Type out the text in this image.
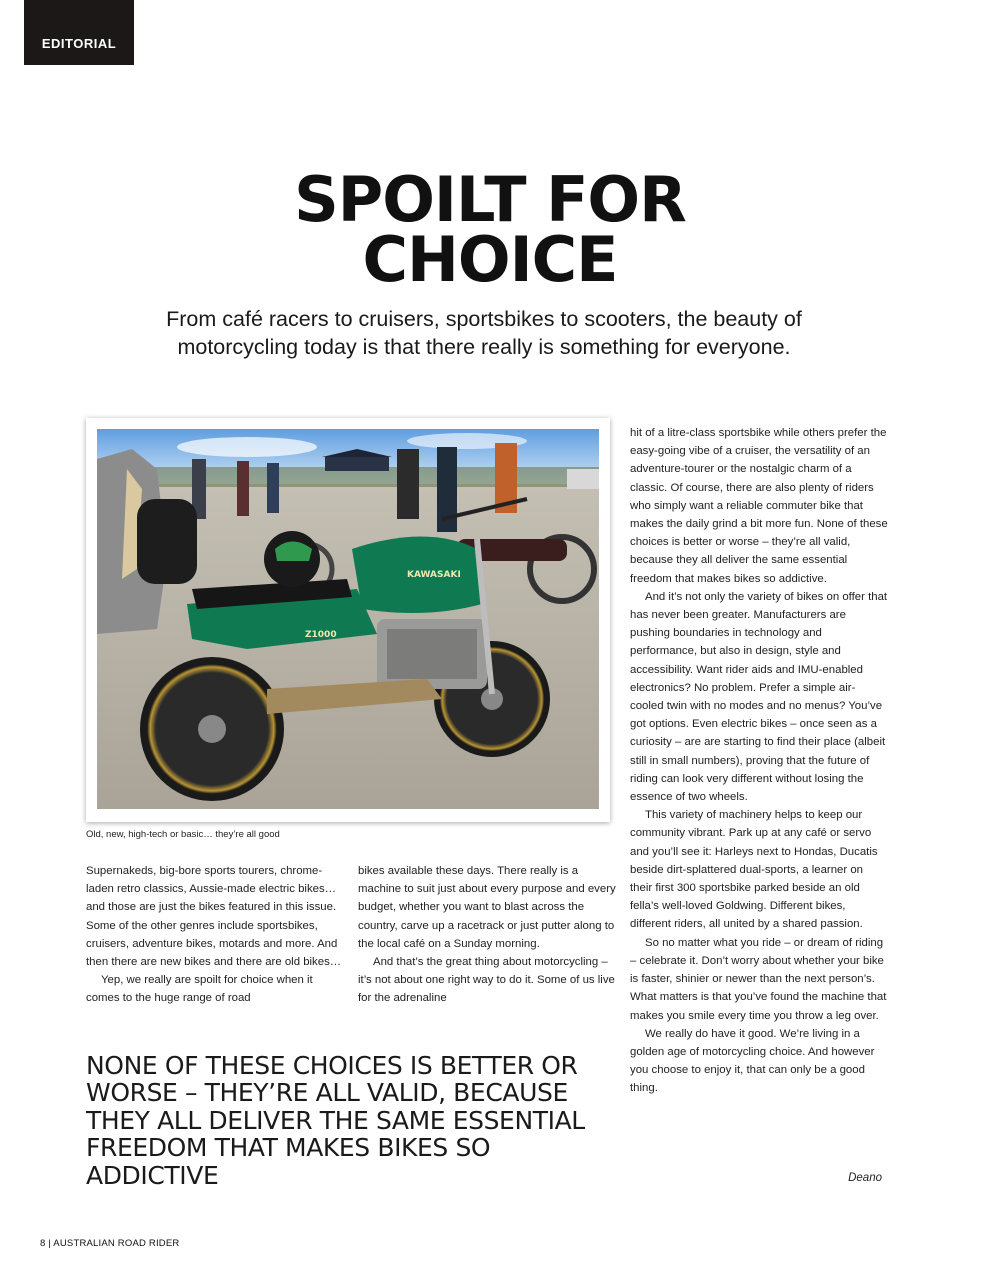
EDITORIAL
SPOILT FOR
CHOICE

From café racers to cruisers, sportsbikes to scooters, the beauty of motorcycling today is that there really is something for everyone.

KAWASAKI
Z1000
Old, new, high-tech or basic… they’re all good

Supernakeds, big-bore sports tourers, chrome-laden retro classics, Aussie-made electric bikes… and those are just the bikes featured in this issue. Some of the other genres include sportsbikes, cruisers, adventure bikes, motards and more. And then there are new bikes and there are old bikes…

Yep, we really are spoilt for choice when it comes to the huge range of road

bikes available these days. There really is a machine to suit just about every purpose and every budget, whether you want to blast across the country, carve up a racetrack or just putter along to the local café on a Sunday morning.

And that’s the great thing about motorcycling – it’s not about one right way to do it. Some of us live for the adrenaline

hit of a litre-class sportsbike while others prefer the easy-going vibe of a cruiser, the versatility of an adventure-tourer or the nostalgic charm of a classic. Of course, there are also plenty of riders who simply want a reliable commuter bike that makes the daily grind a bit more fun. None of these choices is better or worse – they’re all valid, because they all deliver the same essential freedom that makes bikes so addictive.

And it’s not only the variety of bikes on offer that has never been greater. Manufacturers are pushing boundaries in technology and performance, but also in design, style and accessibility. Want rider aids and IMU-enabled electronics? No problem. Prefer a simple air-cooled twin with no modes and no menus? You’ve got options. Even electric bikes – once seen as a curiosity – are are starting to find their place (albeit still in small numbers), proving that the future of riding can look very different without losing the essence of two wheels.

This variety of machinery helps to keep our community vibrant. Park up at any café or servo and you’ll see it: Harleys next to Hondas, Ducatis beside dirt-splattered dual-sports, a learner on their first 300 sportsbike parked beside an old fella’s well-loved Goldwing. Different bikes, different riders, all united by a shared passion.

So no matter what you ride – or dream of riding – celebrate it. Don’t worry about whether your bike is faster, shinier or newer than the next person’s. What matters is that you’ve found the machine that makes you smile every time you throw a leg over.

We really do have it good. We’re living in a golden age of motorcycling choice. And however you choose to enjoy it, that can only be a good thing.

Deano

NONE OF THESE CHOICES IS BETTER OR WORSE – THEY’RE ALL VALID, BECAUSE THEY ALL DELIVER THE SAME ESSENTIAL FREEDOM THAT MAKES BIKES SO ADDICTIVE

8 | AUSTRALIAN ROAD RIDER
